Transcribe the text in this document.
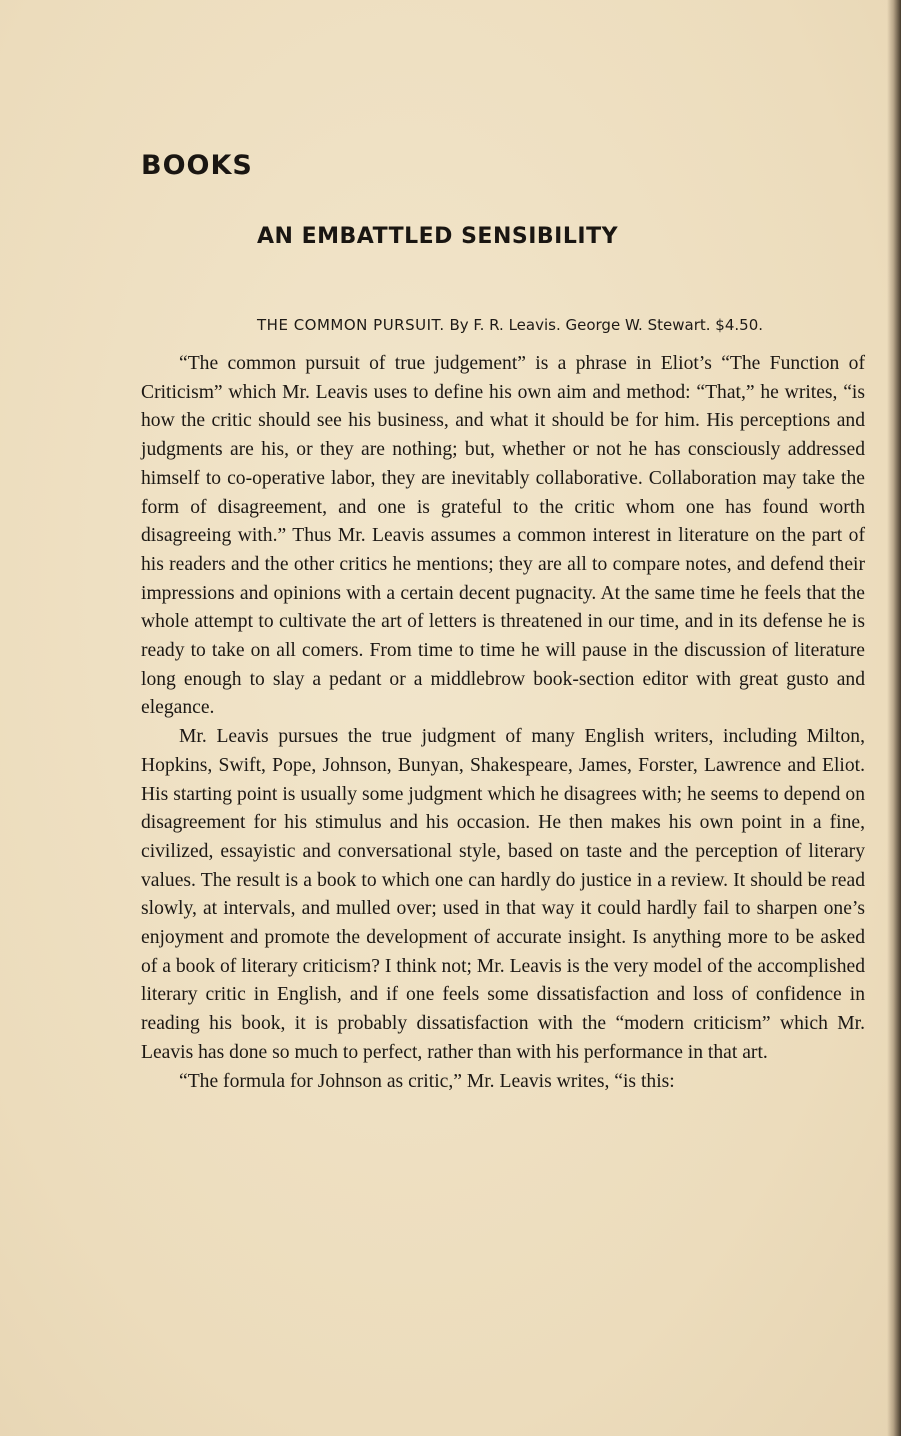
BOOKS
AN EMBATTLED SENSIBILITY
THE COMMON PURSUIT. By F. R. Leavis. George W. Stewart. $4.50.

“The common pursuit of true judgement” is a phrase in Eliot’s “The Function of Criticism” which Mr. Leavis uses to define his own aim and method: “That,” he writes, “is how the critic should see his business, and what it should be for him. His perceptions and judgments are his, or they are nothing; but, whether or not he has consciously addressed himself to co-operative labor, they are inevitably collaborative. Collaboration may take the form of disagreement, and one is grateful to the critic whom one has found worth disagreeing with.” Thus Mr. Leavis assumes a common interest in literature on the part of his readers and the other critics he mentions; they are all to compare notes, and defend their impressions and opinions with a certain decent pugnacity. At the same time he feels that the whole attempt to cultivate the art of letters is threatened in our time, and in its defense he is ready to take on all comers. From time to time he will pause in the discussion of literature long enough to slay a pedant or a middlebrow book-section editor with great gusto and elegance.

Mr. Leavis pursues the true judgment of many English writers, including Milton, Hopkins, Swift, Pope, Johnson, Bunyan, Shakespeare, James, Forster, Lawrence and Eliot. His starting point is usually some judgment which he disagrees with; he seems to depend on disagreement for his stimulus and his occasion. He then makes his own point in a fine, civilized, essayistic and conversational style, based on taste and the perception of literary values. The result is a book to which one can hardly do justice in a review. It should be read slowly, at intervals, and mulled over; used in that way it could hardly fail to sharpen one’s enjoyment and promote the development of accurate insight. Is anything more to be asked of a book of literary criticism? I think not; Mr. Leavis is the very model of the accomplished literary critic in English, and if one feels some dissatisfaction and loss of confidence in reading his book, it is probably dissatisfaction with the “modern criticism” which Mr. Leavis has done so much to perfect, rather than with his performance in that art.

“The formula for Johnson as critic,” Mr. Leavis writes, “is this:
